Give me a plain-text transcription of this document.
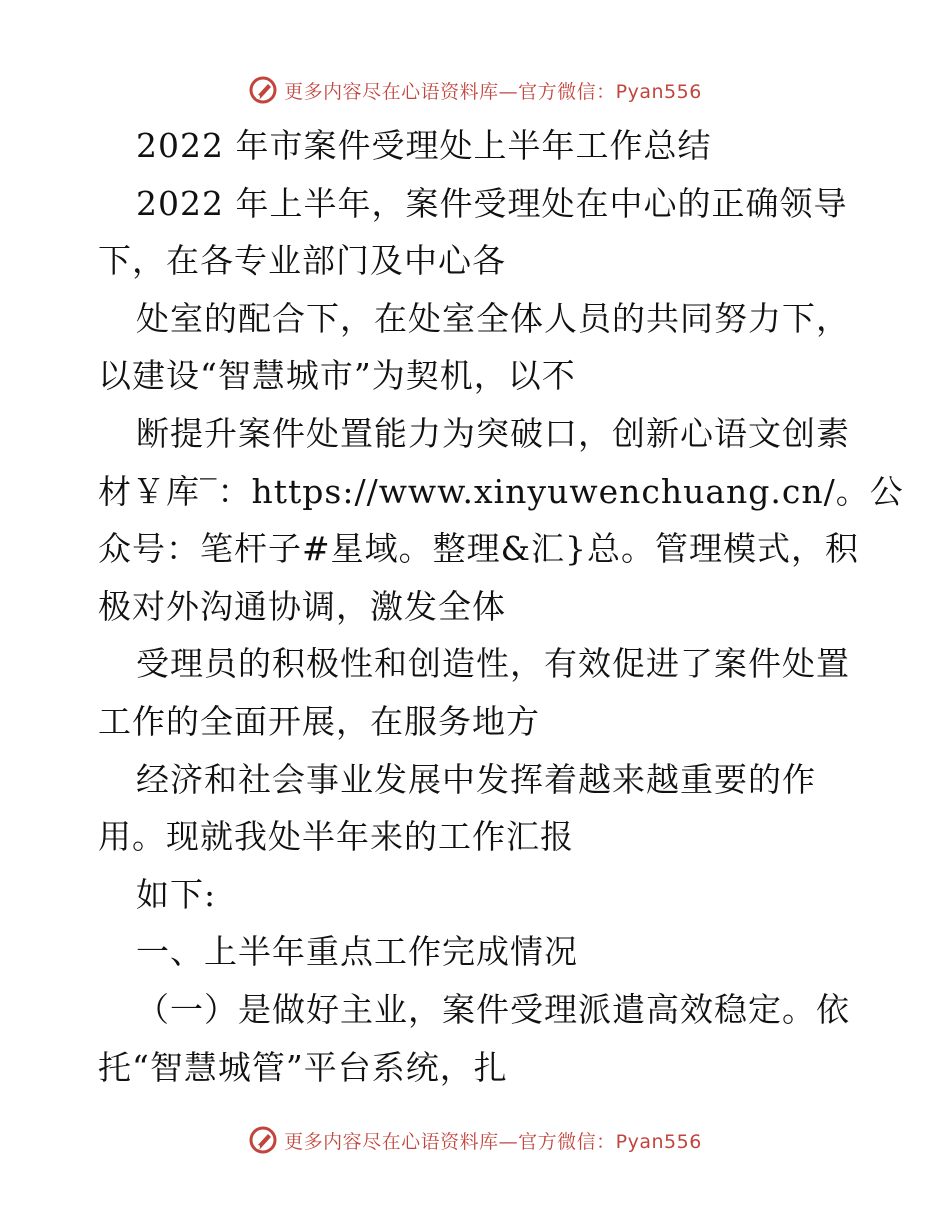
更多内容尽在心语资料库—官方微信：Pyan556
2022 年市案件受理处上半年工作总结
2022 年上半年，案件受理处在中心的正确领导
下，在各专业部门及中心各
处室的配合下，在处室全体人员的共同努力下，
以建设“智慧城市”为契机，以不
断提升案件处置能力为突破口，创新心语文创素
材￥库‾：https://www.xinyuwenchuang.cn/。公
众号：笔杆子#星域。整理&汇}总。管理模式，积
极对外沟通协调，激发全体
受理员的积极性和创造性，有效促进了案件处置
工作的全面开展，在服务地方
经济和社会事业发展中发挥着越来越重要的作
用。现就我处半年来的工作汇报
如下:
一、上半年重点工作完成情况
（一）是做好主业，案件受理派遣高效稳定。依
托“智慧城管”平台系统，扎
更多内容尽在心语资料库—官方微信：Pyan556
